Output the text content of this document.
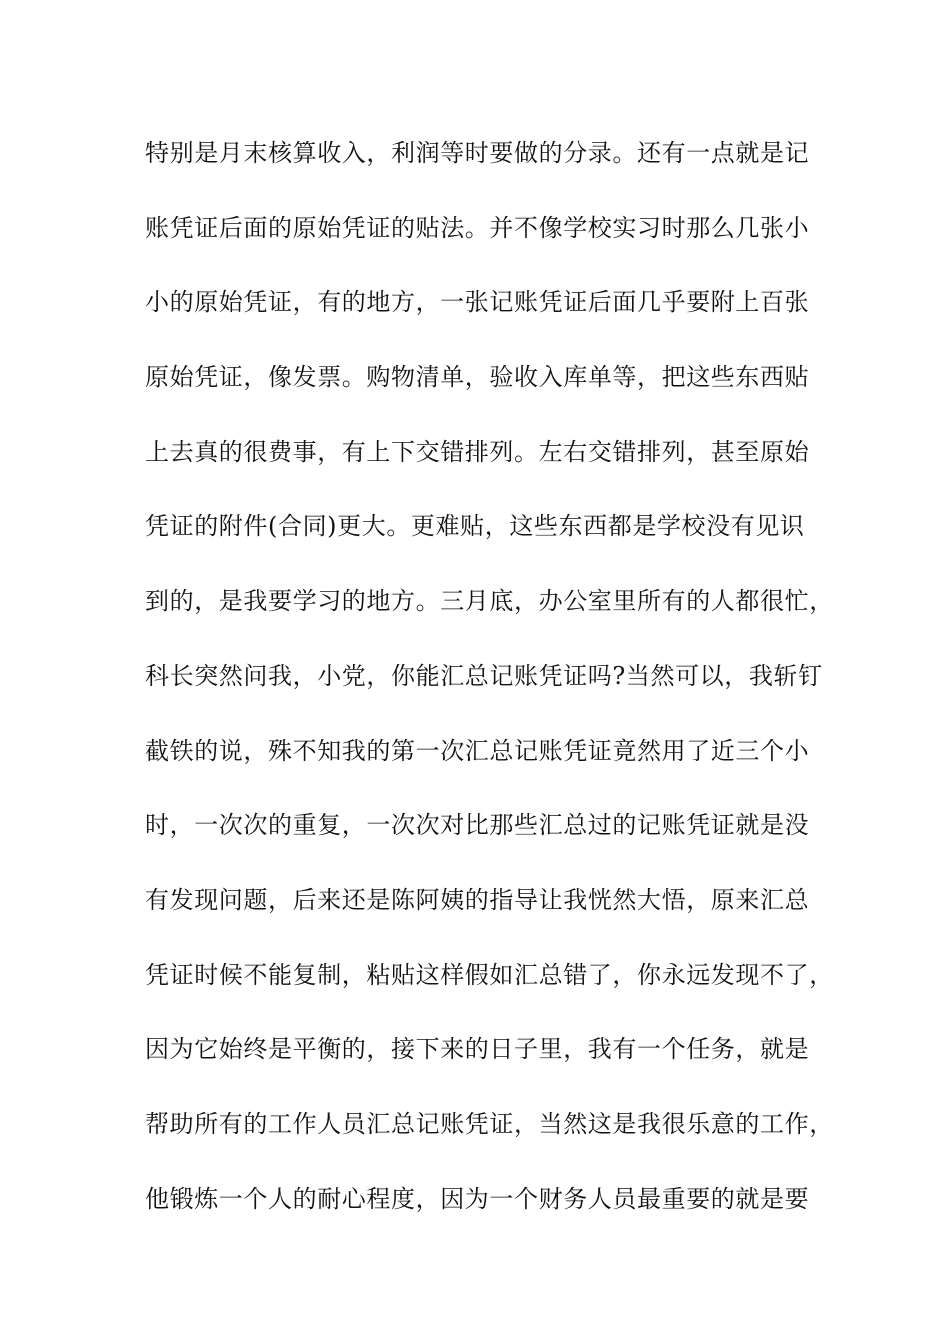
特别是月末核算收入，利润等时要做的分录。还有一点就是记
账凭证后面的原始凭证的贴法。并不像学校实习时那么几张小
小的原始凭证，有的地方，一张记账凭证后面几乎要附上百张
原始凭证，像发票。购物清单，验收入库单等，把这些东西贴
上去真的很费事，有上下交错排列。左右交错排列，甚至原始
凭证的附件(合同)更大。更难贴，这些东西都是学校没有见识
到的，是我要学习的地方。三月底，办公室里所有的人都很忙，
科长突然问我，小党，你能汇总记账凭证吗?当然可以，我斩钉
截铁的说，殊不知我的第一次汇总记账凭证竟然用了近三个小
时，一次次的重复，一次次对比那些汇总过的记账凭证就是没
有发现问题，后来还是陈阿姨的指导让我恍然大悟，原来汇总
凭证时候不能复制，粘贴这样假如汇总错了，你永远发现不了，
因为它始终是平衡的，接下来的日子里，我有一个任务，就是
帮助所有的工作人员汇总记账凭证，当然这是我很乐意的工作，
他锻炼一个人的耐心程度，因为一个财务人员最重要的就是要
